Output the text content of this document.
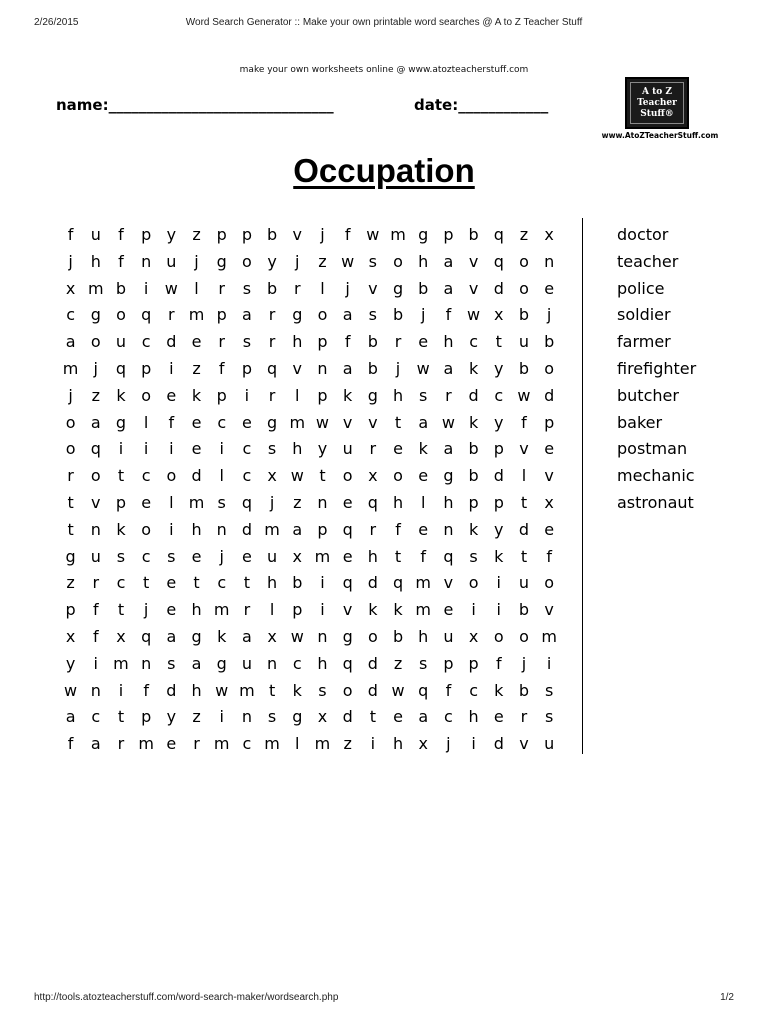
2/26/2015	Word Search Generator :: Make your own printable word searches @ A to Z Teacher Stuff
make your own worksheets online @ www.atozteacherstuff.com
name:______________________________	date:____________
A to Z
Teacher
Stuff®
www.AtoZTeacherStuff.com
Occupation
f	u	f	p y	z p p b v	j	f w m g p b q z	x
j	h	f	n u	j	g o y	j	z w s	o h a v q o n
x m b	i	w	l	r	s b	r	l	j	v g b a v d o e
c g o q	r m p a	r	g o a	s b	j	f w x b	j
a o u c d e	r	s	r	h p	f	b	r	e h c	t	u b
m j	q p	i	z	f	p q v n a b	j	w a k y b o
j	z	k o e k p	i	r	l	p k g h s	r	d c w d
o a g	l	f	e c e g m w v v	t	a w k y	f	p
o q	i	i	i	e	i	c	s h y u	r	e k a b p v e
r	o	t	c o d	l	c	x w t	o x o e g b d	l	v
t	v p e	l m s q	j	z n e q h	l	h p p	t	x
t	n k o	i	h n d m a p q	r	f	e n k y d e
g u s	c	s	e	j	e u x m e h	t	f	q s	k	t	f
z	r	c	t	e	t	c	t	h b	i	q d q m v o	i	u o
p	f	t	j	e h m r	l	p	i	v k k m e	i	i	b v
x	f	x q a g k a x w n g o b h u x o o m
y	i m n s	a g u n c h q d z	s p p	f	j	i
w n	i	f	d h w m t	k	s	o d w q	f	c	k b s
a c	t	p y	z	i	n s g x d	t	e a c h e	r	s
f	a	r m e	r m c m l m z	i	h x	j	i	d v u
doctor
teacher
police
soldier
farmer
firefighter
butcher
baker
postman
mechanic
astronaut
http://tools.atozteacherstuff.com/word-search-maker/wordsearch.php	1/2
